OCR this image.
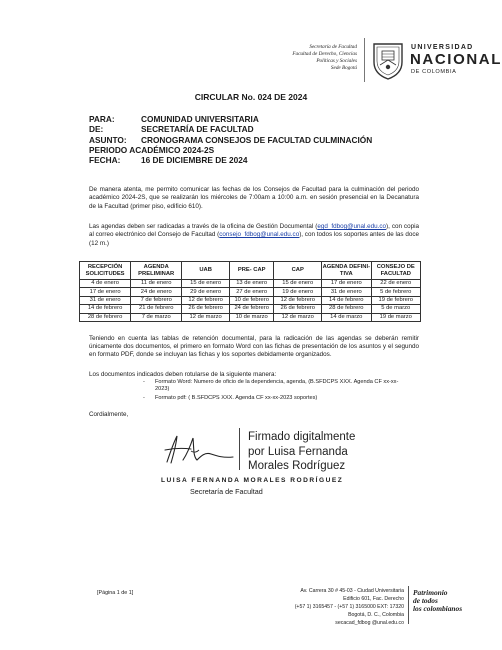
Secretaría de Facultad
Facultad de Derecho, Ciencias Políticas y Sociales
Sede Bogotá
UNIVERSIDAD
NACIONAL
DE COLOMBIA
CIRCULAR No. 024 DE 2024
PARA:	COMUNIDAD UNIVERSITARIA
DE:	SECRETARÍA DE FACULTAD
ASUNTO:	CRONOGRAMA CONSEJOS DE FACULTAD CULMINACIÓN
PERIODO ACADÉMICO 2024-2S
FECHA:	16 DE DICIEMBRE DE 2024
De manera atenta, me permito comunicar las fechas de los Consejos de Facultad para la culminación del periodo académico 2024-2S, que se realizarán los miércoles de 7:00am a 10:00 a.m. en sesión presencial en la Decanatura de la Facultad (primer piso, edificio 610).
Las agendas deben ser radicadas a través de la oficina de Gestión Documental (egd_fdbog@unal.edu.co), con copia al correo electrónico del Consejo de Facultad (consejo_fdbog@unal.edu.co), con todos los soportes antes de las doce (12 m.)
RECEPCIÓN SOLICITUDES	AGENDA PRELIMINAR	UAB	PRE- CAP	CAP	AGENDA DEFINI-TIVA	CONSEJO DE FACULTAD
4 de enero	11 de enero	15 de enero	13 de enero	15 de enero	17 de enero	22 de enero
17 de enero	24 de enero	29 de enero	27 de enero	19 de enero	31 de enero	5 de febrero
31 de enero	7 de febrero	12 de febrero	10 de febrero	12 de febrero	14 de febrero	19 de febrero
14 de febrero	21 de febrero	26 de febrero	24 de febrero	26 de febrero	28 de febrero	5 de marzo
28 de febrero	7 de marzo	12 de marzo	10 de marzo	12 de marzo	14 de marzo	19 de marzo
Teniendo en cuenta las tablas de retención documental, para la radicación de las agendas se deberán remitir únicamente dos documentos, el primero en formato Word con las fichas de presentación de los asuntos y el segundo en formato PDF, donde se incluyan las fichas y los soportes debidamente organizados.
Los documentos indicados deben rotularse de la siguiente manera:
-	Formato Word: Numero de oficio de la dependencia, agenda, (B.SFDCPS XXX. Agenda CF xx-xx-
2023)
-	Formato pdf: ( B.SFDCPS XXX. Agenda CF xx-xx-2023 soportes)
Cordialmente,
Firmado digitalmente
por Luisa Fernanda
Morales Rodríguez
LUISA FERNANDA MORALES RODRÍGUEZ
Secretaría de Facultad
[Página 1 de 1]	Av. Carrera 30 # 45-03 - Ciudad Universitaria
Edificio 601, Fac. Derecho
(+57 1) 3165457 - (+57 1) 3165000 EXT: 17320
Bogotá, D. C., Colombia
secacad_fdbog @unal.edu.co
Patrimonio
de todos
los colombianos
